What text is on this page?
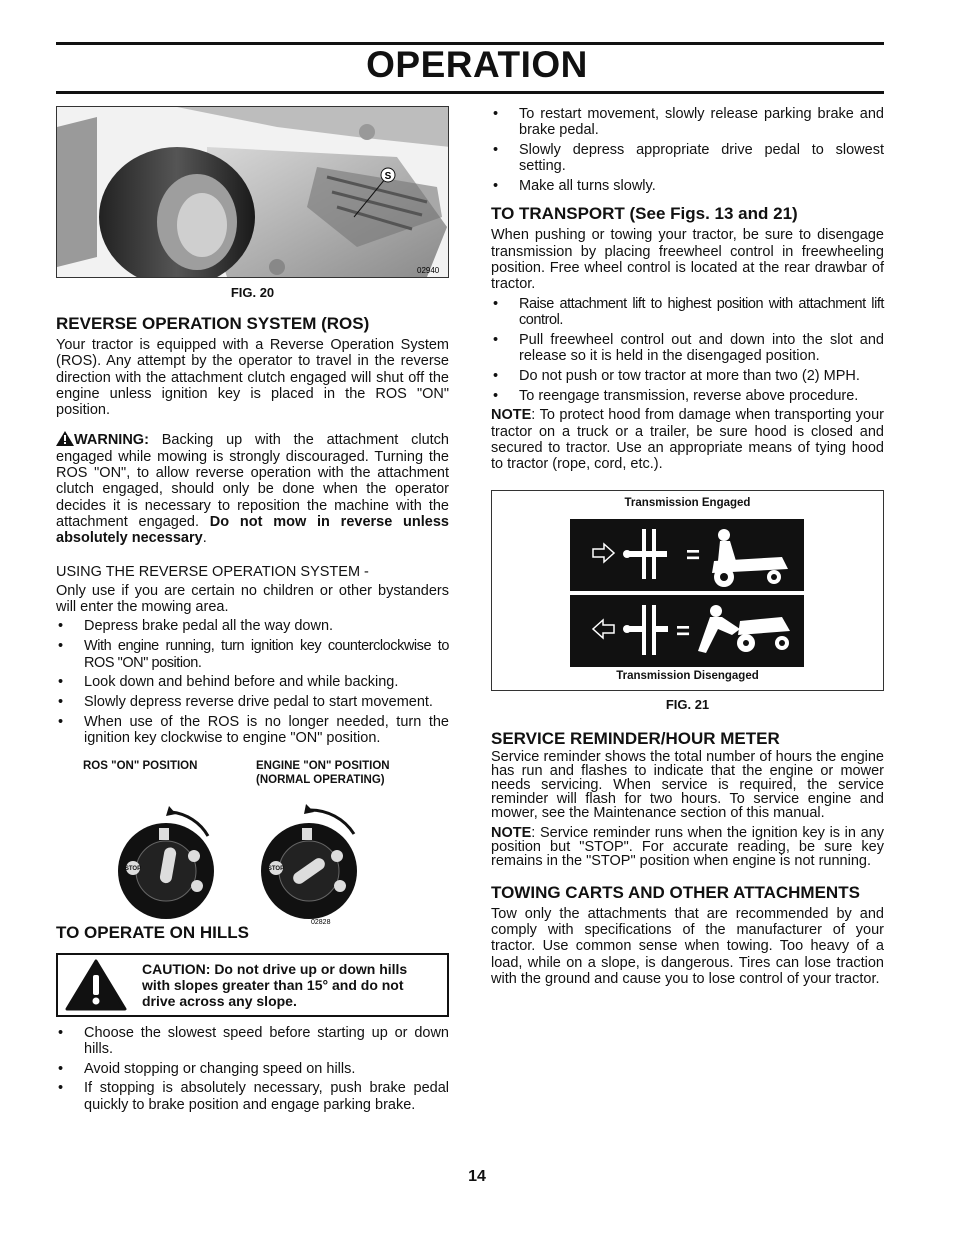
OPERATION
S
02940
FIG. 20
REVERSE OPERATION SYSTEM (ROS)

Your tractor is equipped with a Reverse Operation System (ROS). Any attempt by the operator to travel in the reverse direction with the attachment clutch engaged will shut off the engine unless ignition key is placed in the ROS "ON" position.

WARNING: Backing up with the attachment clutch engaged while mowing is strongly discouraged. Turning the ROS "ON", to allow reverse operation with the attachment clutch engaged, should only be done when the operator decides it is necessary to reposition the machine with the attachment engaged. Do not mow in reverse unless absolutely necessary.

USING THE REVERSE OPERATION SYSTEM -

Only use if you are certain no children or other bystanders will enter the mowing area.

• Depress brake pedal all the way down.
• With engine running, turn ignition key counterclockwise to ROS "ON" position.
• Look down and behind before and while backing.
• Slowly depress reverse drive pedal to start movement.
• When use of the ROS is no longer needed, turn the ignition key clockwise to engine "ON" position.
ROS "ON" POSITION	ENGINE "ON" POSITION
(NORMAL OPERATING)
STOP	STOP
02828
TO OPERATE ON HILLS
CAUTION: Do not drive up or down hills with slopes greater than 15° and do not drive across any slope.
• Choose the slowest speed before starting up or down hills.
• Avoid stopping or changing speed on hills.
• If stopping is absolutely necessary, push brake pedal quickly to brake position and engage parking brake.
• To restart movement, slowly release parking brake and brake pedal.
• Slowly depress appropriate drive pedal to slowest setting.
• Make all turns slowly.
TO TRANSPORT (See Figs. 13 and 21)

When pushing or towing your tractor, be sure to disengage transmission by placing freewheel control in freewheeling position. Free wheel control is located at the rear drawbar of tractor.

• Raise attachment lift to highest position with attachment lift control.
• Pull freewheel control out and down into the slot and release so it is held in the disengaged position.
• Do not push or tow tractor at more than two (2) MPH.
• To reengage transmission, reverse above procedure.

NOTE: To protect hood from damage when transporting your tractor on a truck or a trailer, be sure hood is closed and secured to tractor. Use an appropriate means of tying hood to tractor (rope, cord, etc.).

Transmission Engaged
=
=
Transmission Disengaged
FIG. 21
SERVICE REMINDER/HOUR METER

Service reminder shows the total number of hours the engine has run and flashes to indicate that the engine or mower needs servicing. When service is required, the service reminder will flash for two hours. To service engine and mower, see the Maintenance section of this manual.

NOTE: Service reminder runs when the ignition key is in any position but "STOP". For accurate reading, be sure key remains in the "STOP" position when engine is not running.

TOWING CARTS AND OTHER ATTACHMENTS

Tow only the attachments that are recommended by and comply with specifications of the manufacturer of your tractor. Use common sense when towing. Too heavy of a load, while on a slope, is dangerous. Tires can lose traction with the ground and cause you to lose control of your tractor.

14
